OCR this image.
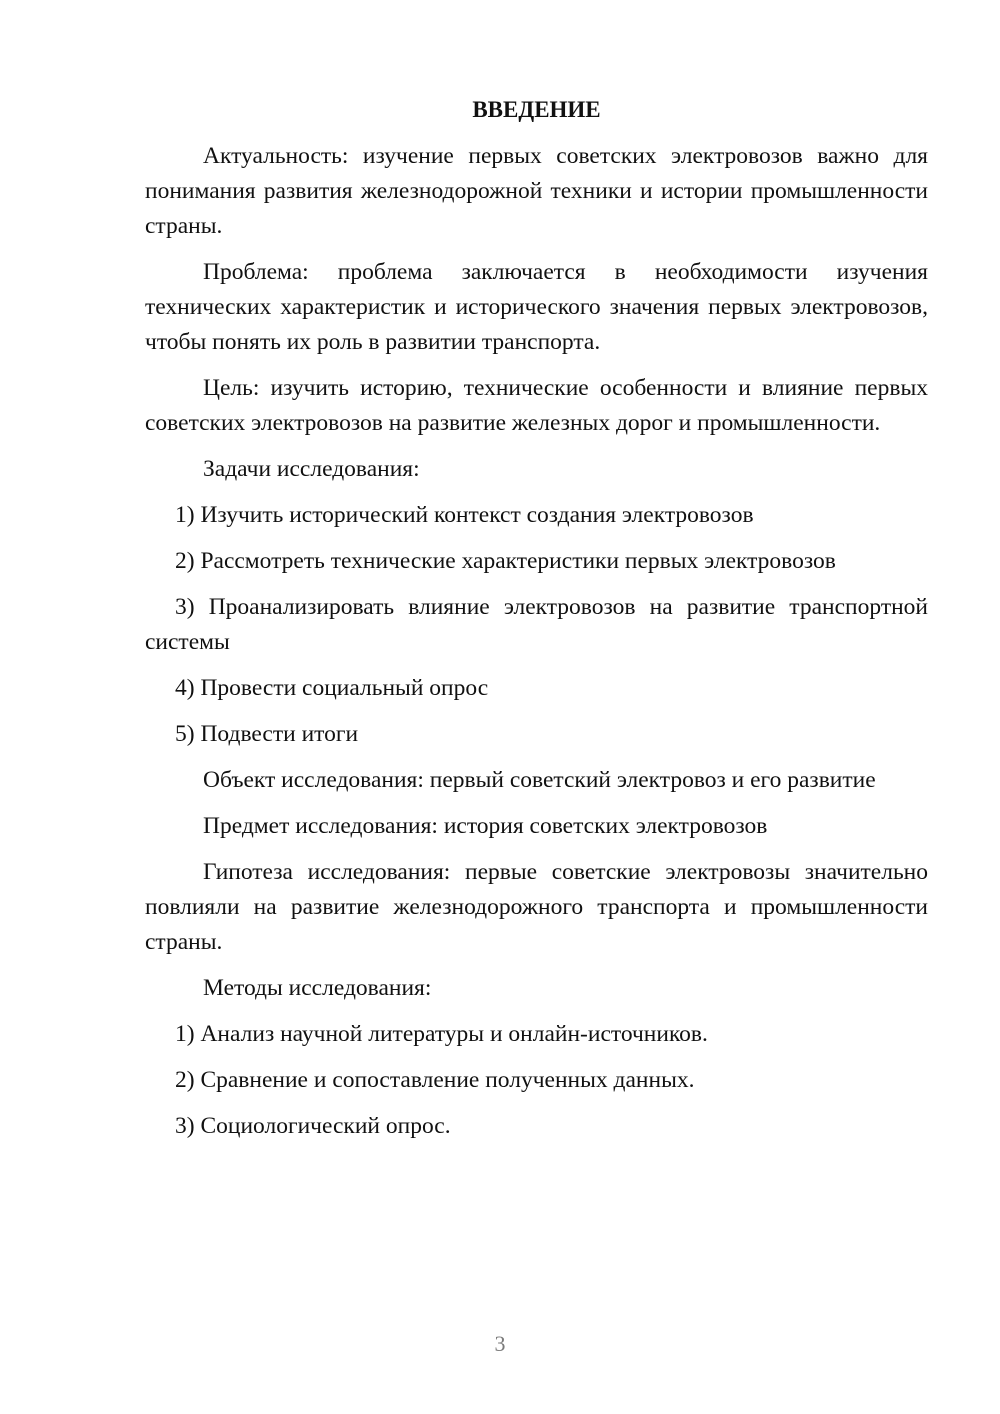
ВВЕДЕНИЕ

Актуальность: изучение первых советских электровозов важно для понимания развития железнодорожной техники и истории промышленности страны.

Проблема: проблема заключается в необходимости изучения технических характеристик и исторического значения первых электровозов, чтобы понять их роль в развитии транспорта.

Цель: изучить историю, технические особенности и влияние первых советских электровозов на развитие железных дорог и промышленности.

Задачи исследования:

1) Изучить исторический контекст создания электровозов

2) Рассмотреть технические характеристики первых электровозов

3) Проанализировать влияние электровозов на развитие транспортной системы

4) Провести социальный опрос

5) Подвести итоги

Объект исследования: первый советский электровоз и его развитие

Предмет исследования: история советских электровозов

Гипотеза исследования: первые советские электровозы значительно повлияли на развитие железнодорожного транспорта и промышленности страны.

Методы исследования:

1) Анализ научной литературы и онлайн-источников.

2) Сравнение и сопоставление полученных данных.

3) Социологический опрос.

3
